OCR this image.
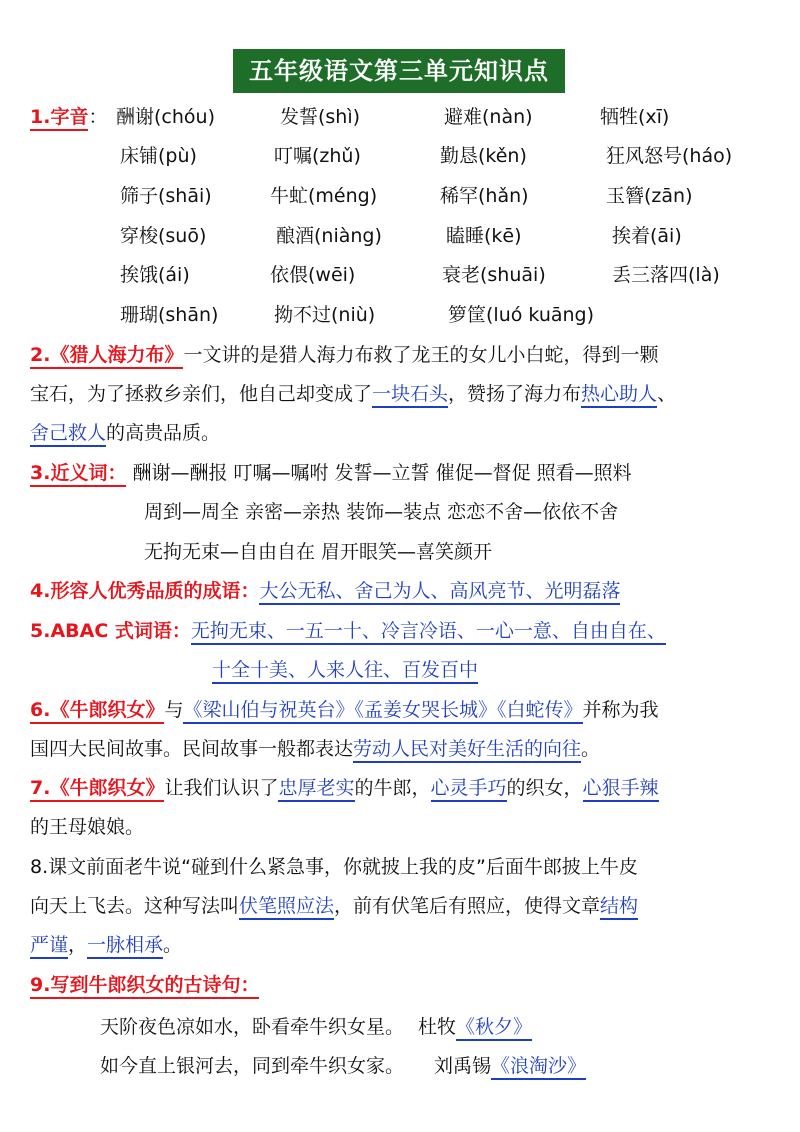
五年级语文第三单元知识点
1.字音： 酬谢(chóu)	发誓(shì)	避难(nàn)	牺牲(xī)
床铺(pù)	叮嘱(zhǔ)	勤恳(kěn)	狂风怒号(háo)
筛子(shāi)	牛虻(méng)	稀罕(hǎn)	玉簪(zān)
穿梭(suō)	酿酒(niàng)	瞌睡(kē)	挨着(āi)
挨饿(ái)	依偎(wēi)	衰老(shuāi)	丢三落四(là)
珊瑚(shān)	拗不过(niù)	箩筐(luó kuāng)
2.《猎人海力布》一文讲的是猎人海力布救了龙王的女儿小白蛇，得到一颗
宝石，为了拯救乡亲们，他自己却变成了一块石头，赞扬了海力布热心助人、
舍己救人的高贵品质。
3.近义词： 酬谢—酬报 叮嘱—嘱咐 发誓—立誓 催促—督促 照看—照料
周到—周全 亲密—亲热 装饰—装点 恋恋不舍—依依不舍
无拘无束—自由自在 眉开眼笑—喜笑颜开
4.形容人优秀品质的成语：大公无私、舍己为人、高风亮节、光明磊落
5.ABAC 式词语：无拘无束、一五一十、冷言冷语、一心一意、自由自在、
十全十美、人来人往、百发百中
6.《牛郎织女》与《梁山伯与祝英台》《孟姜女哭长城》《白蛇传》并称为我
国四大民间故事。民间故事一般都表达劳动人民对美好生活的向往。
7.《牛郎织女》让我们认识了忠厚老实的牛郎，心灵手巧的织女，心狠手辣
的王母娘娘。
8.课文前面老牛说“碰到什么紧急事，你就披上我的皮”后面牛郎披上牛皮
向天上飞去。这种写法叫伏笔照应法，前有伏笔后有照应，使得文章结构
严谨，一脉相承。
9.写到牛郎织女的古诗句：
天阶夜色凉如水，卧看牵牛织女星。 杜牧《秋夕》
如今直上银河去，同到牵牛织女家。 刘禹锡《浪淘沙》
